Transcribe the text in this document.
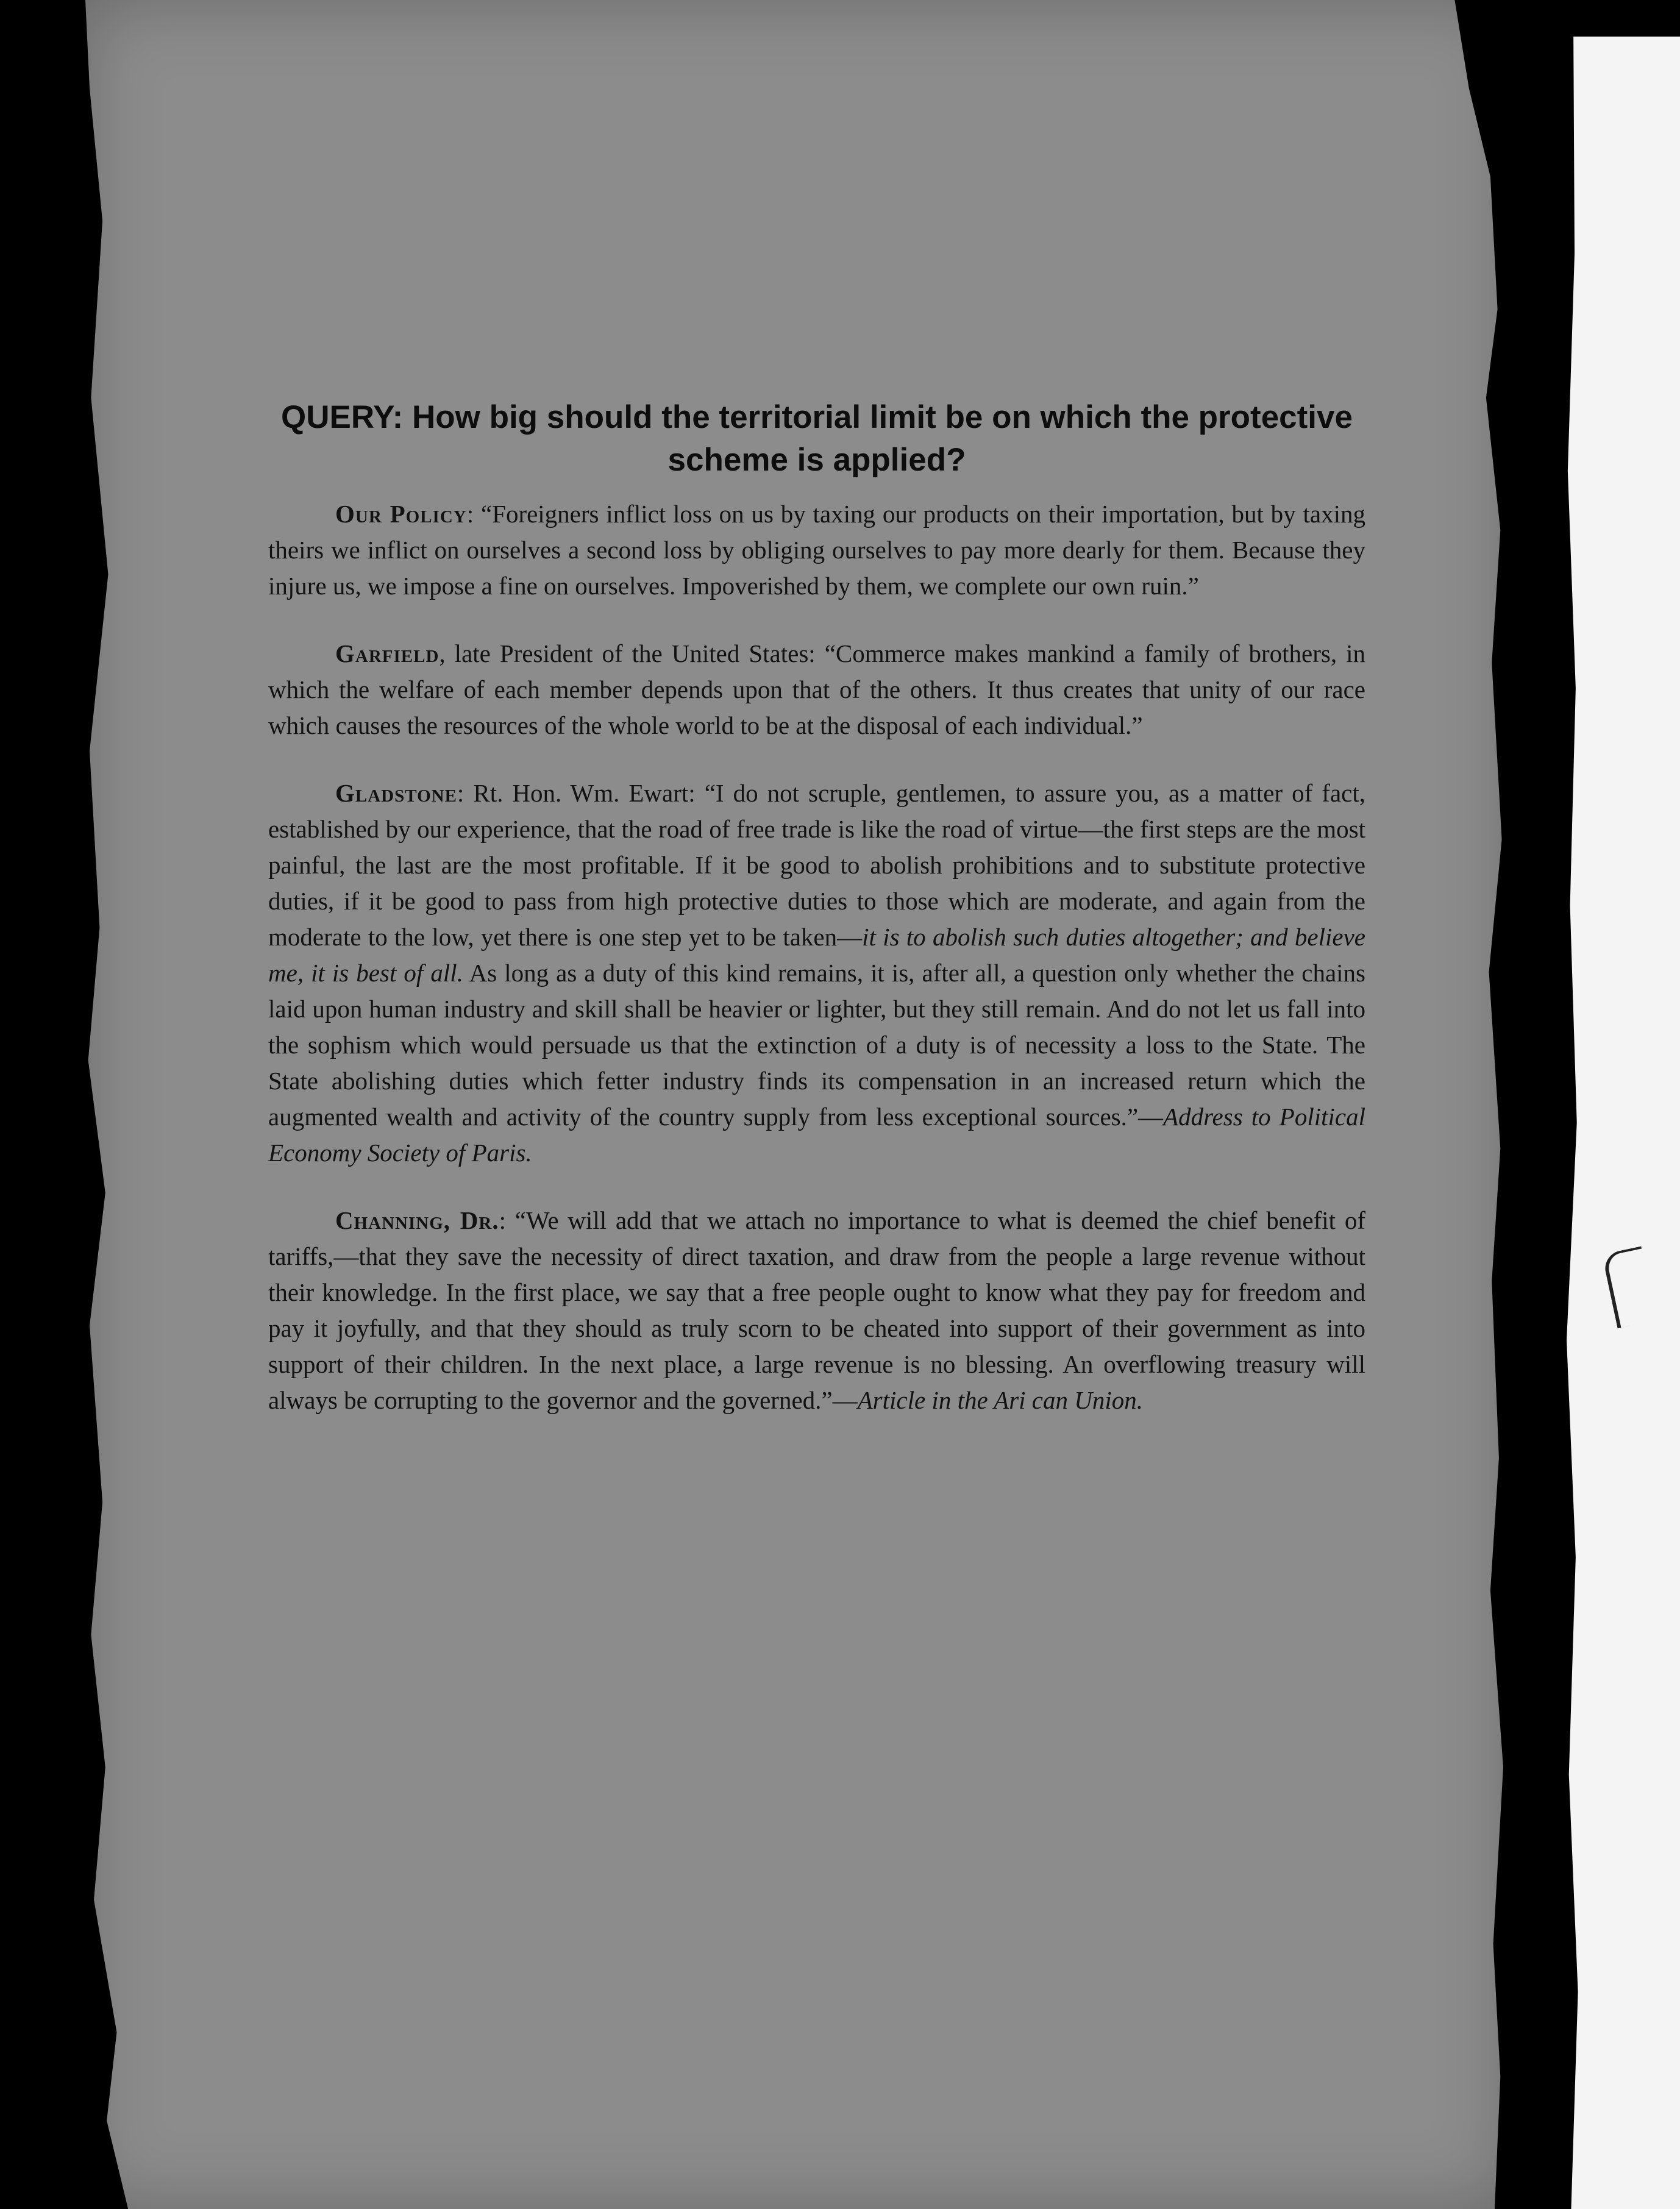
QUERY: How big should the territorial limit be on which the protective scheme is applied?

Our Policy: “Foreigners inflict loss on us by taxing our products on their importation, but by taxing theirs we inflict on ourselves a second loss by obliging ourselves to pay more dearly for them. Because they injure us, we impose a fine on ourselves. Impoverished by them, we complete our own ruin.”

Garfield, late President of the United States: “Commerce makes mankind a family of brothers, in which the welfare of each member depends upon that of the others. It thus creates that unity of our race which causes the resources of the whole world to be at the disposal of each individual.”

Gladstone: Rt. Hon. Wm. Ewart: “I do not scruple, gentlemen, to assure you, as a matter of fact, established by our experience, that the road of free trade is like the road of virtue—the first steps are the most painful, the last are the most profitable. If it be good to abolish prohibitions and to substitute protective duties, if it be good to pass from high protective duties to those which are moderate, and again from the moderate to the low, yet there is one step yet to be taken—it is to abolish such duties altogether; and believe me, it is best of all. As long as a duty of this kind remains, it is, after all, a question only whether the chains laid upon human industry and skill shall be heavier or lighter, but they still remain. And do not let us fall into the sophism which would persuade us that the extinction of a duty is of necessity a loss to the State. The State abolishing duties which fetter industry finds its compensation in an increased return which the augmented wealth and activity of the country supply from less exceptional sources.”—Address to Political Economy Society of Paris.

Channing, Dr.: “We will add that we attach no importance to what is deemed the chief benefit of tariffs,—that they save the necessity of direct taxation, and draw from the people a large revenue without their knowledge. In the first place, we say that a free people ought to know what they pay for freedom and pay it joyfully, and that they should as truly scorn to be cheated into support of their government as into support of their children. In the next place, a large revenue is no blessing. An overflowing treasury will always be corrupting to the governor and the governed.”—Article in the Ari can Union.
